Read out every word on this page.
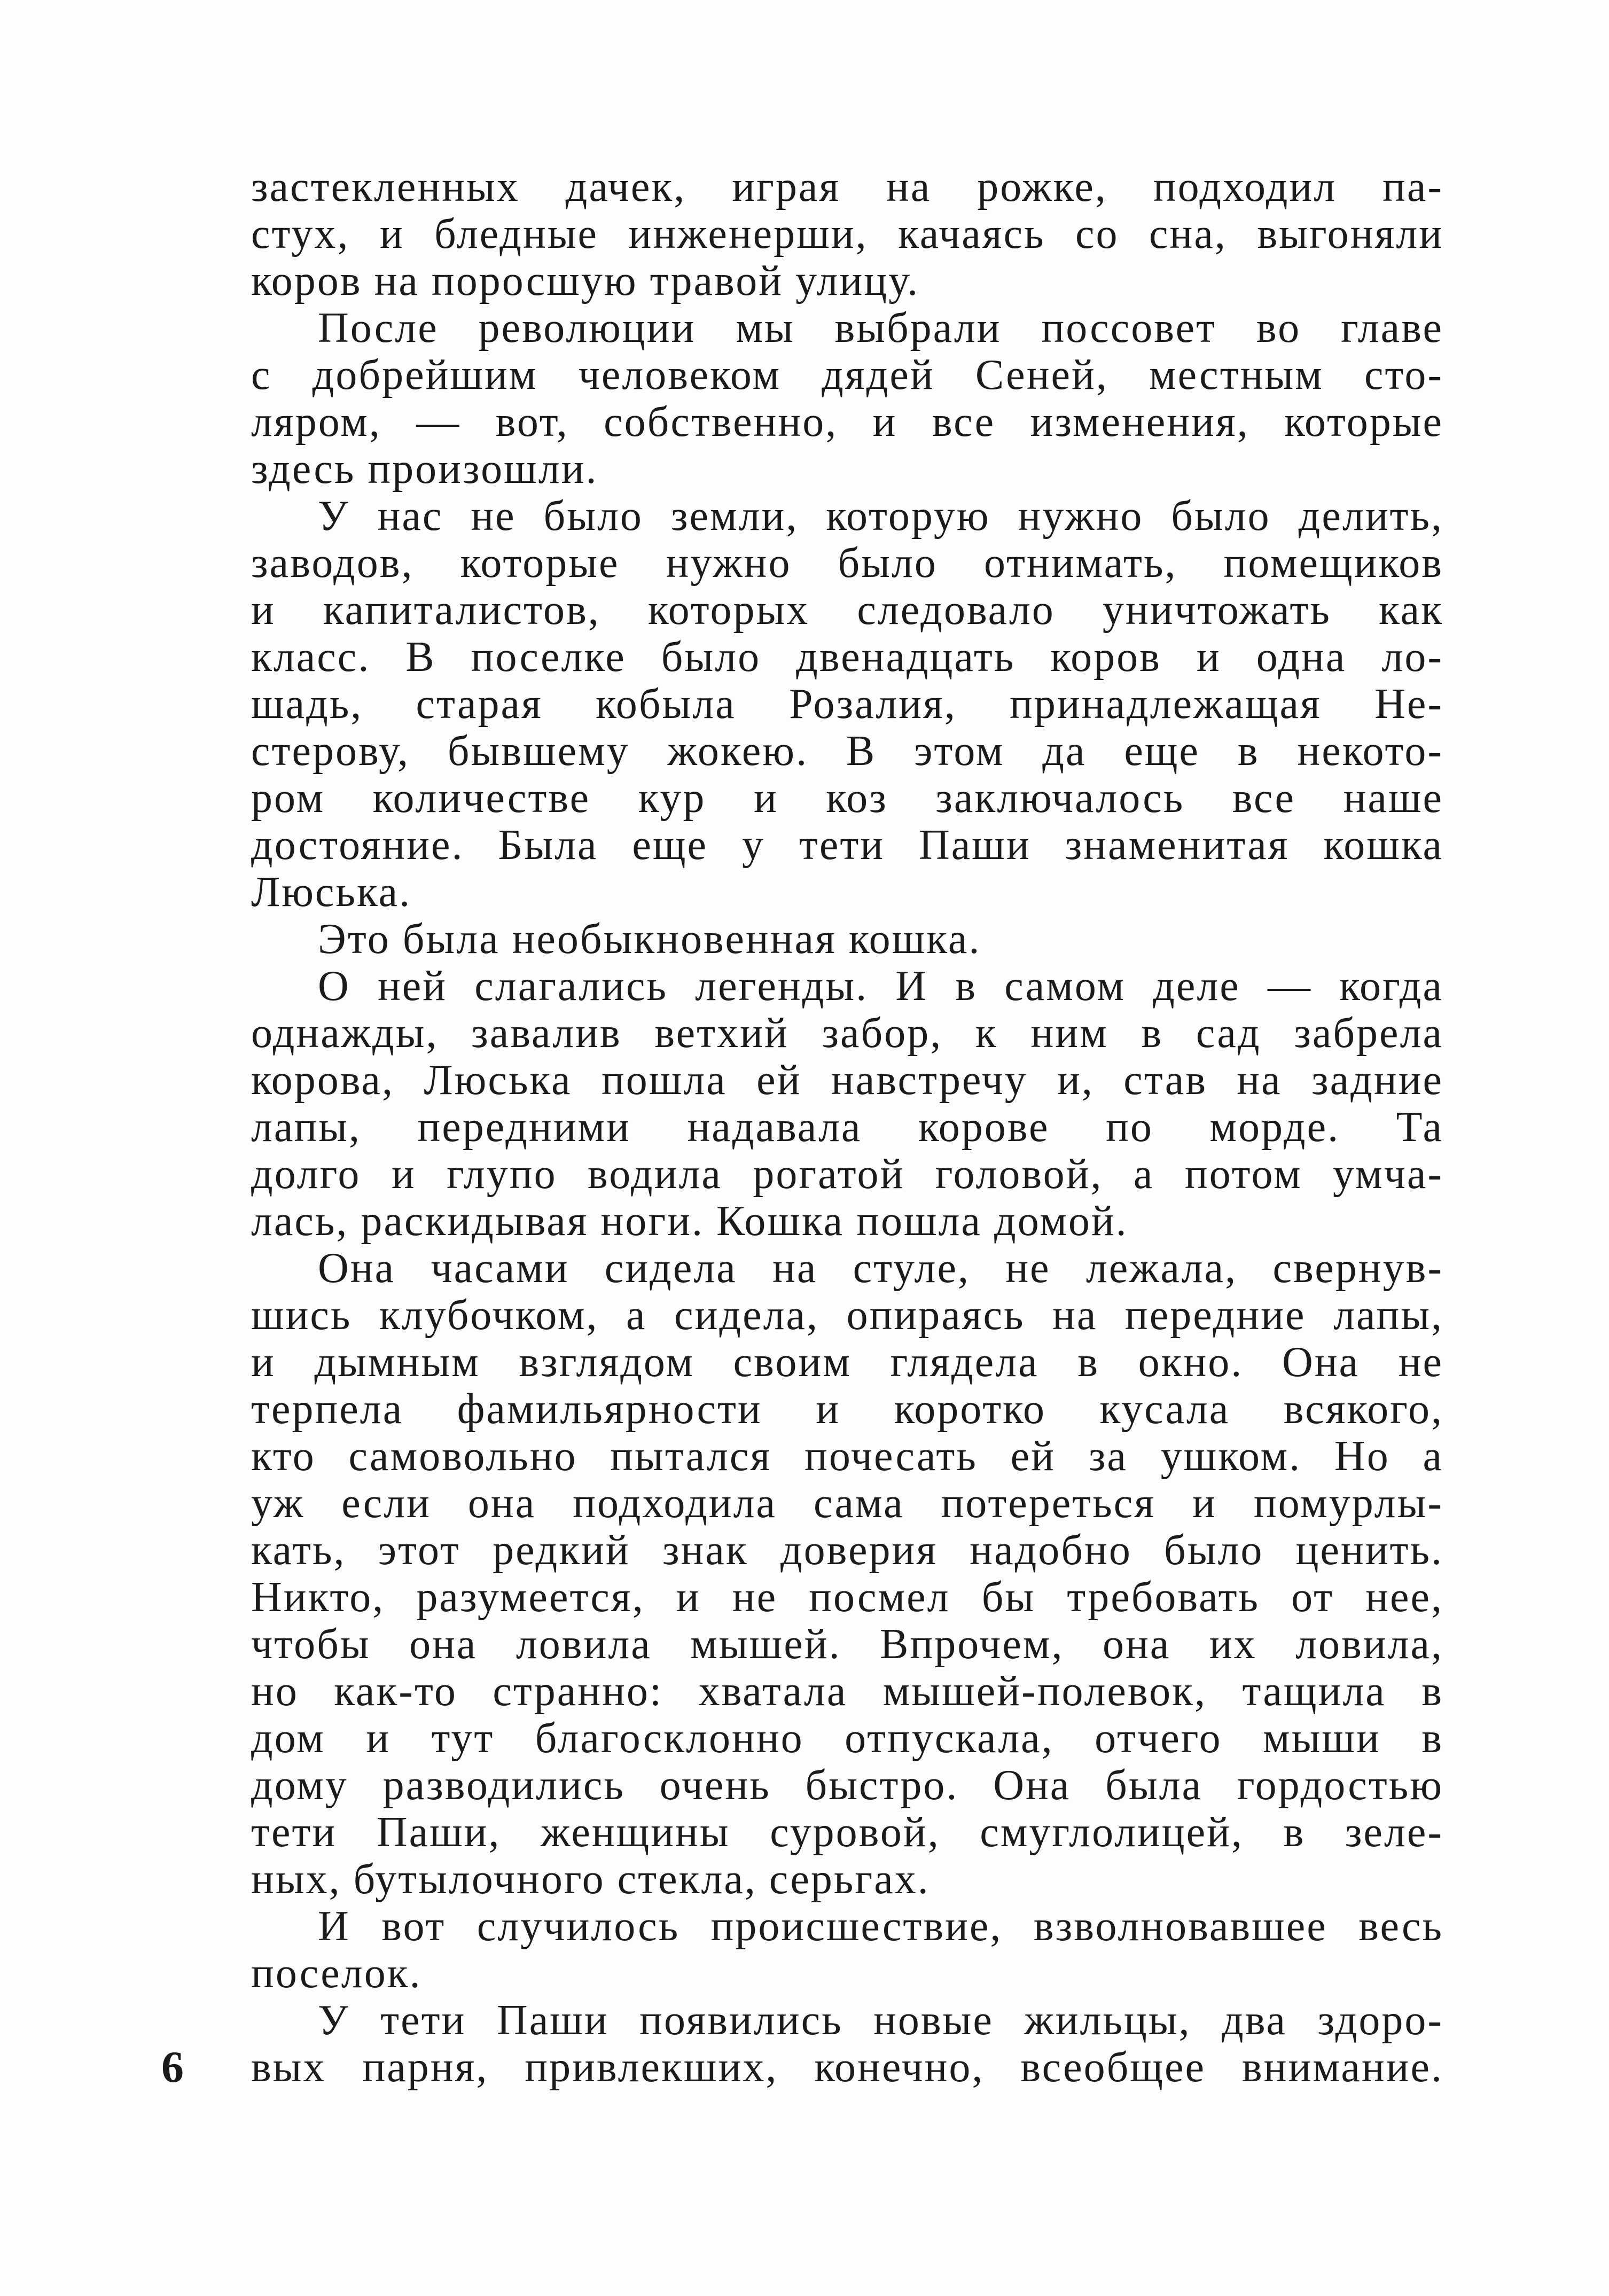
застекленных дачек, играя на рожке, подходил па-
стух, и бледные инженерши, качаясь со сна, выгоняли
коров на поросшую травой улицу.
После революции мы выбрали поссовет во главе
с добрейшим человеком дядей Сеней, местным сто-
ляром, — вот, собственно, и все изменения, которые
здесь произошли.
У нас не было земли, которую нужно было делить,
заводов, которые нужно было отнимать, помещиков
и капиталистов, которых следовало уничтожать как
класс. В поселке было двенадцать коров и одна ло-
шадь, старая кобыла Розалия, принадлежащая Не-
стерову, бывшему жокею. В этом да еще в некото-
ром количестве кур и коз заключалось все наше
достояние. Была еще у тети Паши знаменитая кошка
Люська.
Это была необыкновенная кошка.
О ней слагались легенды. И в самом деле — когда
однажды, завалив ветхий забор, к ним в сад забрела
корова, Люська пошла ей навстречу и, став на задние
лапы, передними надавала корове по морде. Та
долго и глупо водила рогатой головой, а потом умча-
лась, раскидывая ноги. Кошка пошла домой.
Она часами сидела на стуле, не лежала, свернув-
шись клубочком, а сидела, опираясь на передние лапы,
и дымным взглядом своим глядела в окно. Она не
терпела фамильярности и коротко кусала всякого,
кто самовольно пытался почесать ей за ушком. Но а
уж если она подходила сама потереться и помурлы-
кать, этот редкий знак доверия надобно было ценить.
Никто, разумеется, и не посмел бы требовать от нее,
чтобы она ловила мышей. Впрочем, она их ловила,
но как-то странно: хватала мышей-полевок, тащила в
дом и тут благосклонно отпускала, отчего мыши в
дому разводились очень быстро. Она была гордостью
тети Паши, женщины суровой, смуглолицей, в зеле-
ных, бутылочного стекла, серьгах.
И вот случилось происшествие, взволновавшее весь
поселок.
У тети Паши появились новые жильцы, два здоро-
6 вых парня, привлекших, конечно, всеобщее внимание.
